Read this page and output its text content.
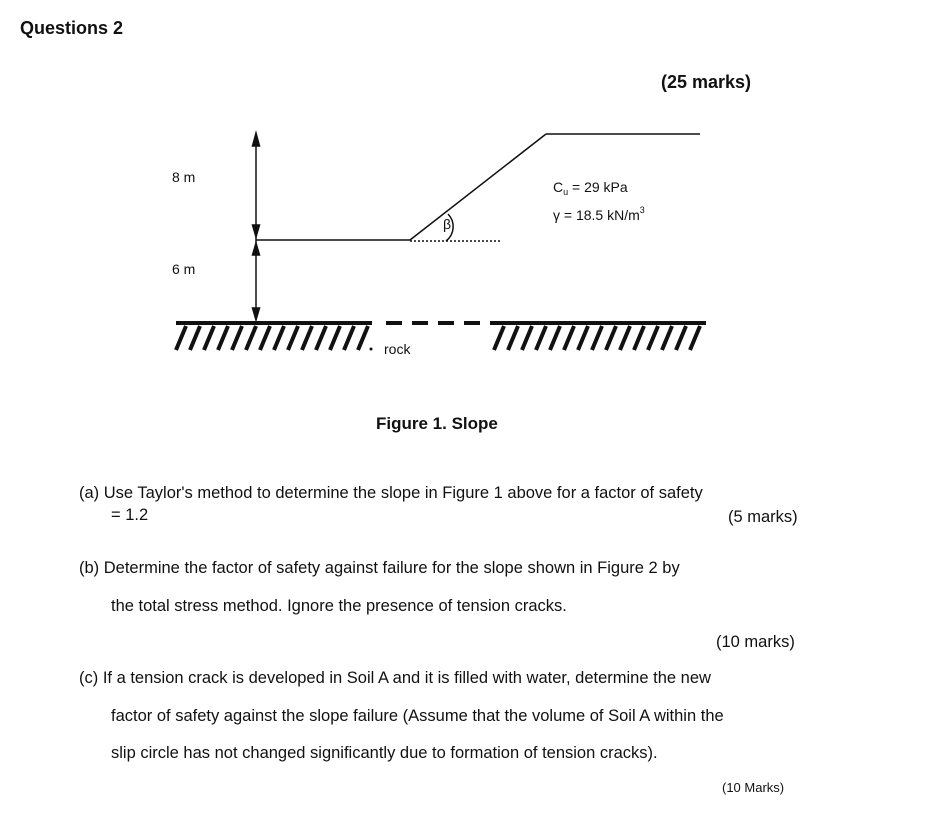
Questions 2
(25 marks)
8 m
6 m
β
$C_u = 29$ kPa
γ = 18.5 $kN/m^3$
rock
Figure 1. Slope
(a) Use Taylor's method to determine the slope in Figure 1 above for a factor of safety
= 1.2	(5 marks)
(b) Determine the factor of safety against failure for the slope shown in Figure 2 by
the total stress method. Ignore the presence of tension cracks.
(10 marks)
(c) If a tension crack is developed in Soil A and it is filled with water, determine the new
factor of safety against the slope failure (Assume that the volume of Soil A within the
slip circle has not changed significantly due to formation of tension cracks).
(10 Marks)
